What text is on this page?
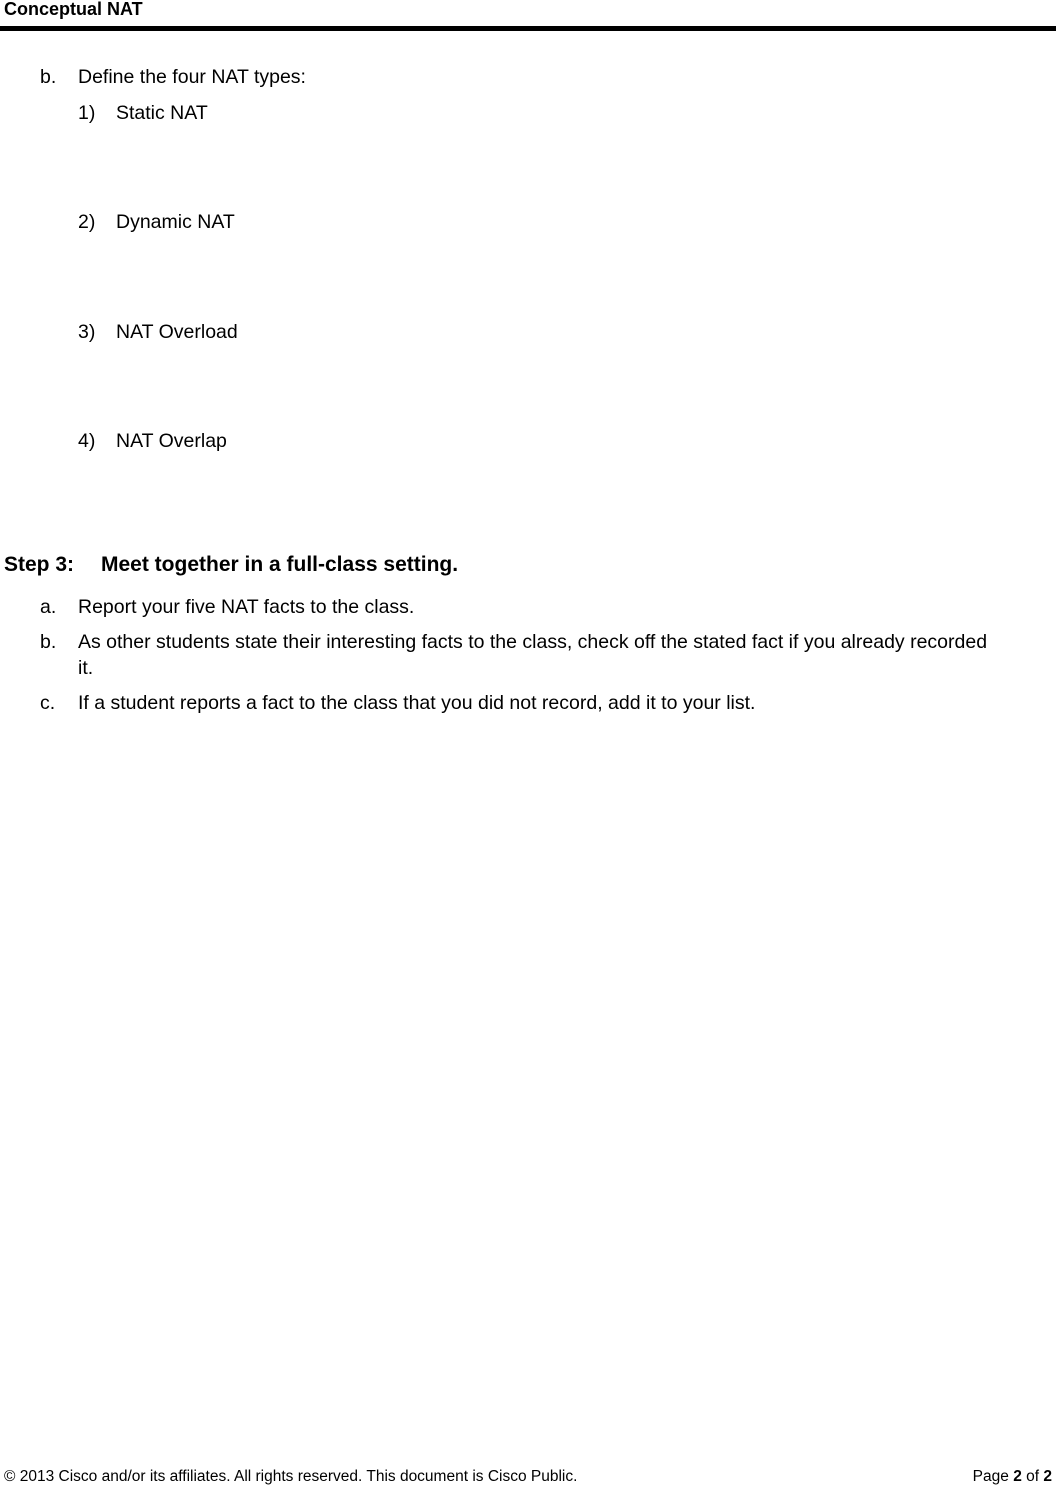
Conceptual NAT
b. Define the four NAT types:
1) Static NAT
2) Dynamic NAT
3) NAT Overload
4) NAT Overlap
Step 3: Meet together in a full-class setting.
a. Report your five NAT facts to the class.
b. As other students state their interesting facts to the class, check off the stated fact if you already recorded
it.
c. If a student reports a fact to the class that you did not record, add it to your list.
© 2013 Cisco and/or its affiliates. All rights reserved. This document is Cisco Public.	Page 2 of 2
